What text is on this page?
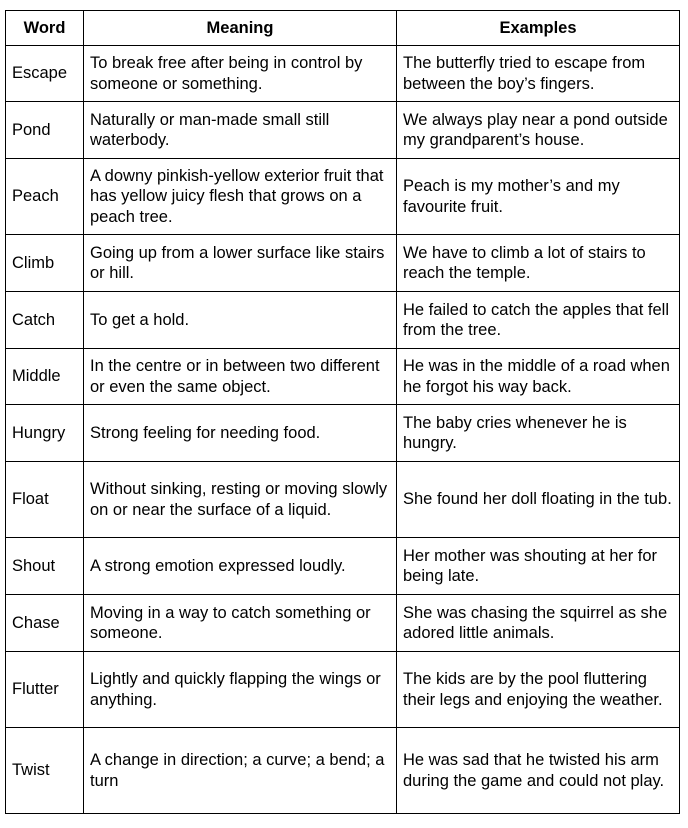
Word	Meaning	Examples
Escape	To break free after being in control by someone or something.	The butterfly tried to escape from between the boy’s fingers.
Pond	Naturally or man-made small still waterbody.	We always play near a pond outside my grandparent’s house.
Peach	A downy pinkish-yellow exterior fruit that has yellow juicy flesh that grows on a peach tree.	Peach is my mother’s and my favourite fruit.
Climb	Going up from a lower surface like stairs or hill.	We have to climb a lot of stairs to reach the temple.
Catch	To get a hold.	He failed to catch the apples that fell from the tree.
Middle	In the centre or in between two different or even the same object.	He was in the middle of a road when he forgot his way back.
Hungry	Strong feeling for needing food.	The baby cries whenever he is hungry.
Float	Without sinking, resting or moving slowly on or near the surface of a liquid.	She found her doll floating in the tub.
Shout	A strong emotion expressed loudly.	Her mother was shouting at her for being late.
Chase	Moving in a way to catch something or someone.	She was chasing the squirrel as she adored little animals.
Flutter	Lightly and quickly flapping the wings or anything.	The kids are by the pool fluttering their legs and enjoying the weather.
Twist	A change in direction; a curve; a bend; a turn	He was sad that he twisted his arm during the game and could not play.
